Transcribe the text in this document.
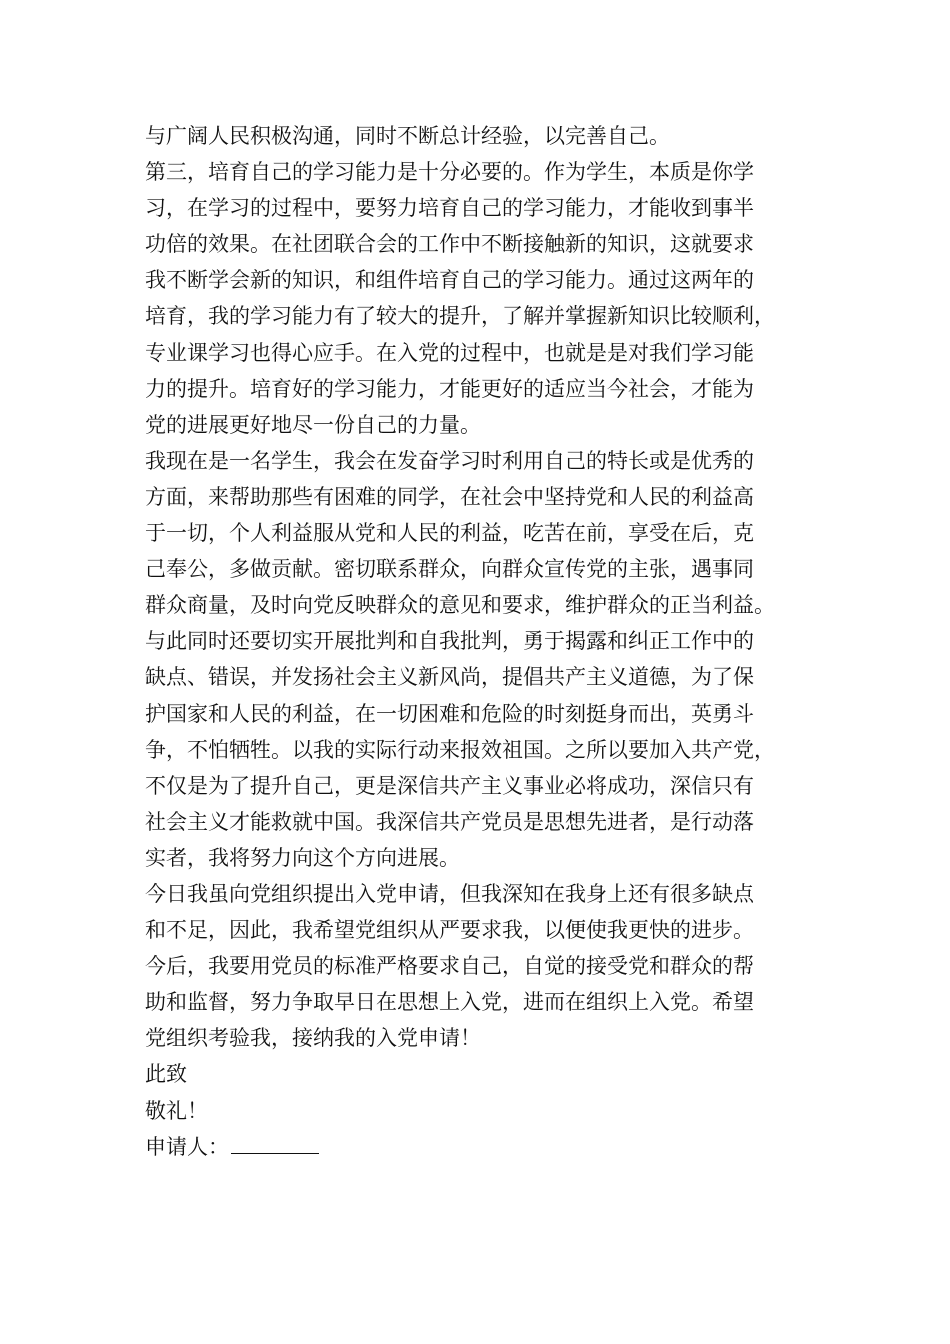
与广阔人民积极沟通，同时不断总计经验，以完善自己。
第三，培育自己的学习能力是十分必要的。作为学生，本质是你学
习，在学习的过程中，要努力培育自己的学习能力，才能收到事半
功倍的效果。在社团联合会的工作中不断接触新的知识，这就要求
我不断学会新的知识，和组件培育自己的学习能力。通过这两年的
培育，我的学习能力有了较大的提升，了解并掌握新知识比较顺利，
专业课学习也得心应手。在入党的过程中，也就是是对我们学习能
力的提升。培育好的学习能力，才能更好的适应当今社会，才能为
党的进展更好地尽一份自己的力量。
我现在是一名学生，我会在发奋学习时利用自己的特长或是优秀的
方面，来帮助那些有困难的同学，在社会中坚持党和人民的利益高
于一切，个人利益服从党和人民的利益，吃苦在前，享受在后，克
己奉公，多做贡献。密切联系群众，向群众宣传党的主张，遇事同
群众商量，及时向党反映群众的意见和要求，维护群众的正当利益。
与此同时还要切实开展批判和自我批判，勇于揭露和纠正工作中的
缺点、错误，并发扬社会主义新风尚，提倡共产主义道德，为了保
护国家和人民的利益，在一切困难和危险的时刻挺身而出，英勇斗
争，不怕牺牲。以我的实际行动来报效祖国。之所以要加入共产党，
不仅是为了提升自己，更是深信共产主义事业必将成功，深信只有
社会主义才能救就中国。我深信共产党员是思想先进者，是行动落
实者，我将努力向这个方向进展。
今日我虽向党组织提出入党申请，但我深知在我身上还有很多缺点
和不足，因此，我希望党组织从严要求我，以便使我更快的进步。
今后，我要用党员的标准严格要求自己，自觉的接受党和群众的帮
助和监督，努力争取早日在思想上入党，进而在组织上入党。希望
党组织考验我，接纳我的入党申请！
此致
敬礼！
申请人：
